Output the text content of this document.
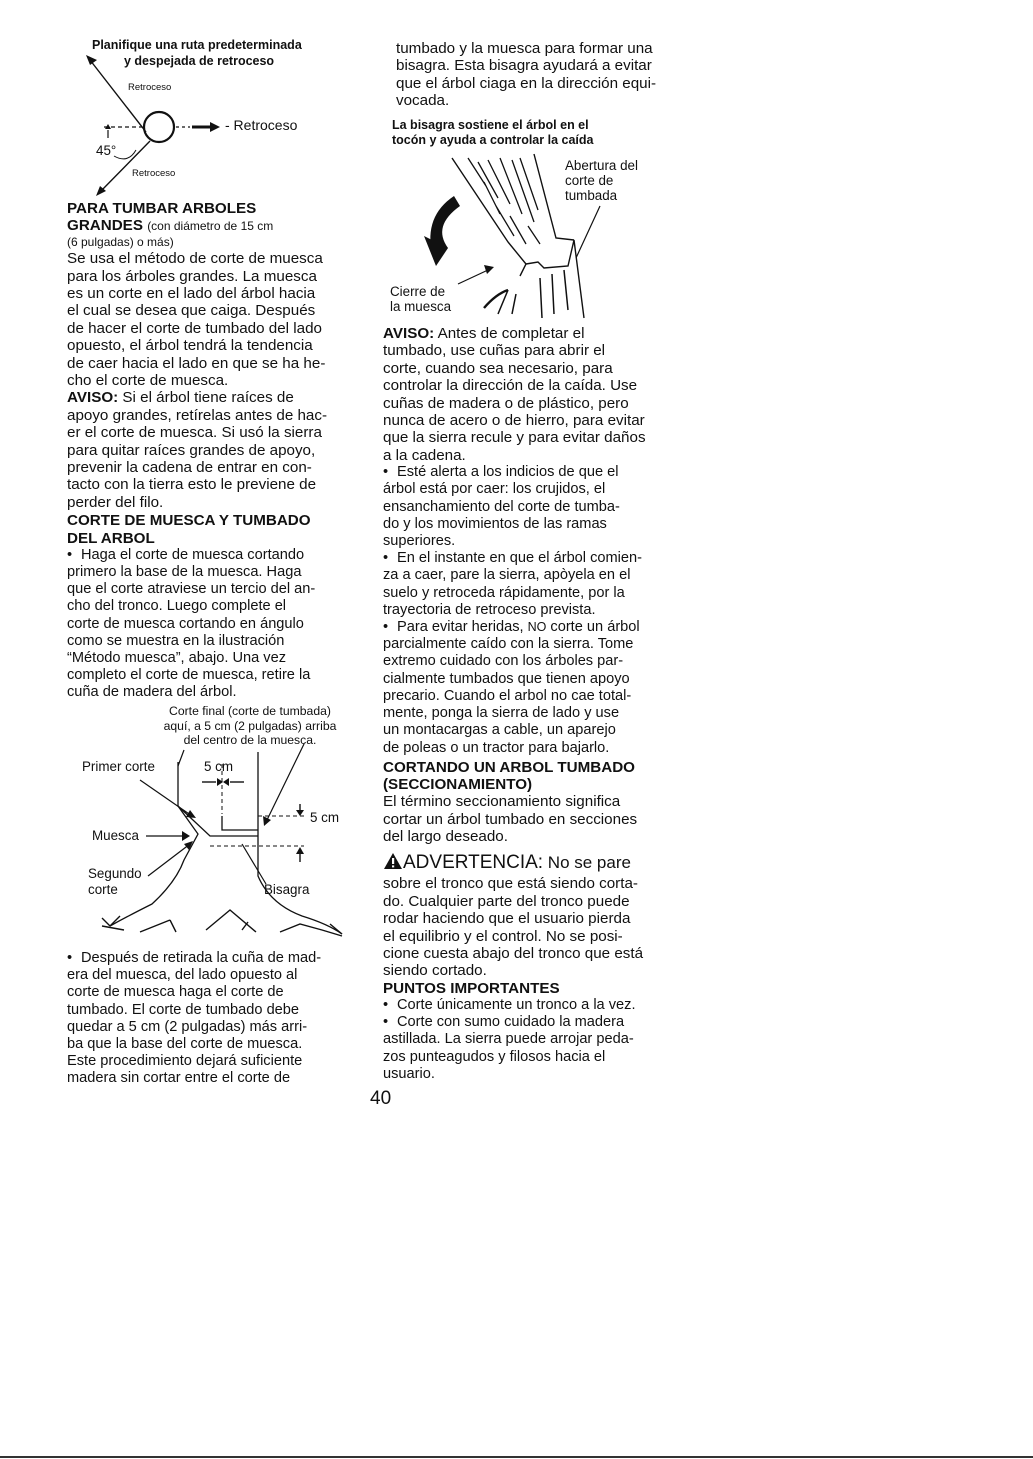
Planifique una ruta predeterminada
y despejada de retroceso
Retroceso
- Retroceso
45°
Retroceso
PARA TUMBAR ARBOLES
GRANDES (con diámetro de 15 cm
(6 pulgadas) o más)
Se usa el método de corte de muesca
para los árboles grandes. La muesca
es un corte en el lado del árbol hacia
el cual se desea que caiga. Después
de hacer el corte de tumbado del lado
opuesto, el árbol tendrá la tendencia
de caer hacia el lado en que se ha he-
cho el corte de muesca.
AVISO: Si el árbol tiene raíces de
apoyo grandes, retírelas antes de hac-
er el corte de muesca. Si usó la sierra
para quitar raíces grandes de apoyo,
prevenir la cadena de entrar en con-
tacto con la tierra esto le previene de
perder del filo.
CORTE DE MUESCA Y TUMBADO
DEL ARBOL
• Haga el corte de muesca cortando
primero la base de la muesca. Haga
que el corte atraviese un tercio del an-
cho del tronco. Luego complete el
corte de muesca cortando en ángulo
como se muestra en la ilustración
“Método muesca”, abajo. Una vez
completo el corte de muesca, retire la
cuña de madera del árbol.
Corte final (corte de tumbada)
aquí, a 5 cm (2 pulgadas) arriba
del centro de la muesca.
Primer corte	5 cm
5 cm
Muesca
Segundo
corte	Bisagra
• Después de retirada la cuña de mad-
era del muesca, del lado opuesto al
corte de muesca haga el corte de
tumbado. El corte de tumbado debe
quedar a 5 cm (2 pulgadas) más arri-
ba que la base del corte de muesca.
Este procedimiento dejará suficiente
madera sin cortar entre el corte de
tumbado y la muesca para formar una
bisagra. Esta bisagra ayudará a evitar
que el árbol ciaga en la dirección equi-
vocada.
La bisagra sostiene el árbol en el
tocón y ayuda a controlar la caída
Abertura del
corte de
tumbada
Cierre de
la muesca
AVISO: Antes de completar el
tumbado, use cuñas para abrir el
corte, cuando sea necesario, para
controlar la dirección de la caída. Use
cuñas de madera o de plástico, pero
nunca de acero o de hierro, para evitar
que la sierra recule y para evitar daños
a la cadena.
• Esté alerta a los indicios de que el
árbol está por caer: los crujidos, el
ensanchamiento del corte de tumba-
do y los movimientos de las ramas
superiores.
• En el instante en que el árbol comien-
za a caer, pare la sierra, apòyela en el
suelo y retroceda rápidamente, por la
trayectoria de retroceso prevista.
• Para evitar heridas, NO corte un árbol
parcialmente caído con la sierra. Tome
extremo cuidado con los árboles par-
cialmente tumbados que tienen apoyo
precario. Cuando el arbol no cae total-
mente, ponga la sierra de lado y use
un montacargas a cable, un aparejo
de poleas o un tractor para bajarlo.
CORTANDO UN ARBOL TUMBADO
(SECCIONAMIENTO)
El término seccionamiento significa
cortar un árbol tumbado en secciones
del largo deseado.
ADVERTENCIA: No se pare
sobre el tronco que está siendo corta-
do. Cualquier parte del tronco puede
rodar haciendo que el usuario pierda
el equilibrio y el control. No se posi-
cione cuesta abajo del tronco que está
siendo cortado.
PUNTOS IMPORTANTES
• Corte únicamente un tronco a la vez.
• Corte con sumo cuidado la madera
astillada. La sierra puede arrojar peda-
zos punteagudos y filosos hacia el
usuario.
40
